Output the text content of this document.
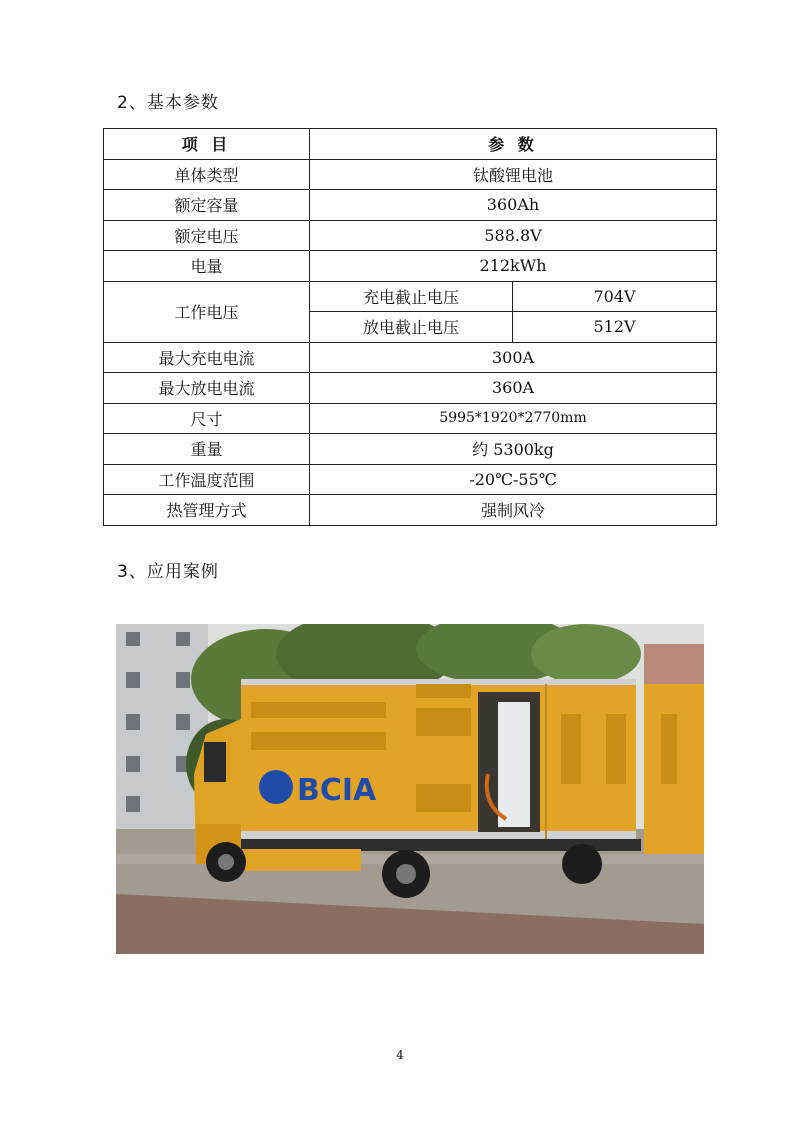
2、基本参数
项 目	参 数	
单体类型	钛酸锂电池	
额定容量	360Ah	
额定电压	588.8V	
电量	212kWh	
工作电压	充电截止电压	704V
	放电截止电压	512V
最大充电电流	300A	
最大放电电流	360A	
尺寸	5995*1920*2770mm	
重量	约 5300kg	
工作温度范围	-20℃-55℃	
热管理方式	强制风冷	
3、应用案例
BCIA
4
